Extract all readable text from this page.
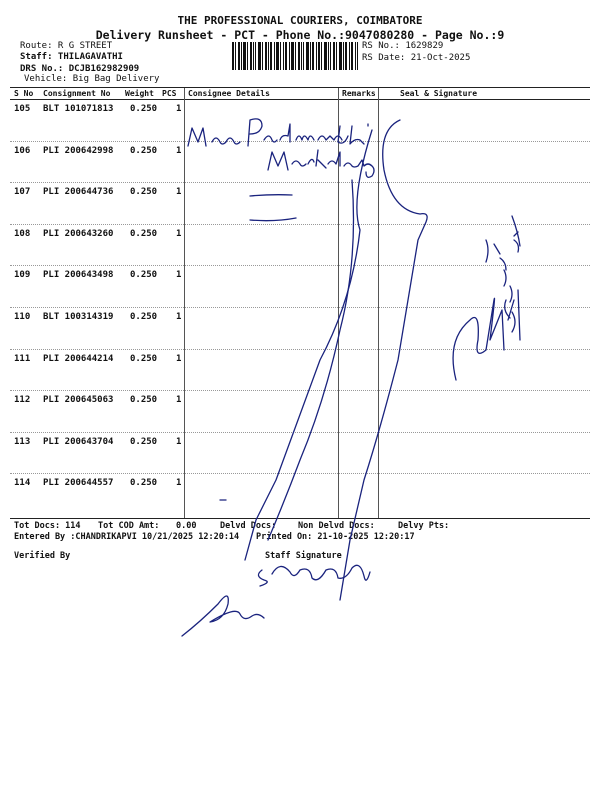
THE PROFESSIONAL COURIERS, COIMBATORE
Delivery Runsheet - PCT - Phone No.:9047080280 - Page No.:9
Route: R G STREET
Staff: THILAGAVATHI
DRS No.: DCJB162982909
Vehicle: Big Bag Delivery
RS No.: 1629829
RS Date: 21-Oct-2025
S No Consignment No Weight PCS Consignee Details	Remarks	Seal & Signature
105 BLT 101071813 0.250 1
106 PLI 200642998 0.250 1
107 PLI 200644736 0.250 1
108 PLI 200643260 0.250 1
109 PLI 200643498 0.250 1
110 BLT 100314319 0.250 1
111 PLI 200644214 0.250 1
112 PLI 200645063 0.250 1
113 PLI 200643704 0.250 1
114 PLI 200644557 0.250 1
Tot Docs: 114 Tot COD Amt: 0.00	Delvd Docs:	Non Delvd Docs:	Delvy Pts:
Entered By :CHANDRIKAPVI 10/21/2025 12:20:14 Printed On: 21-10-2025 12:20:17
Verified By	Staff Signature
